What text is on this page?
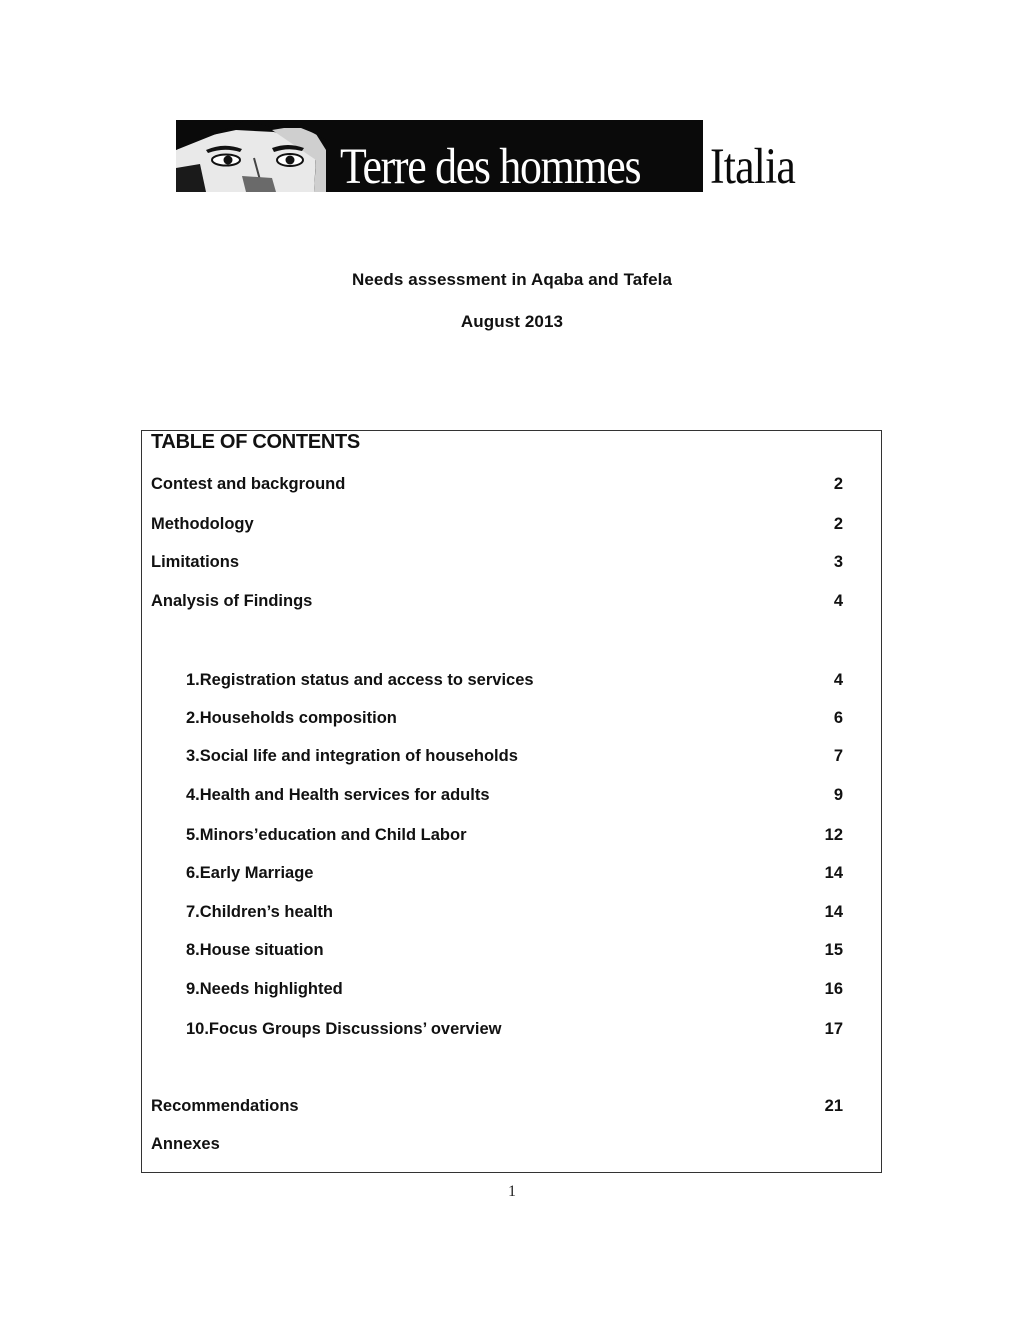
Terre des hommes Italia
Needs assessment in Aqaba and Tafela
August 2013
TABLE OF CONTENTS
Contest and background	2
Methodology	2
Limitations	3
Analysis of Findings	4
1.Registration status and access to services	4
2.Households composition	6
3.Social life and integration of households	7
4.Health and Health services for adults	9
5.Minors’education and Child Labor	12
6.Early Marriage	14
7.Children’s health	14
8.House situation	15
9.Needs highlighted	16
10.Focus Groups Discussions’ overview	17
Recommendations	21
Annexes
1
